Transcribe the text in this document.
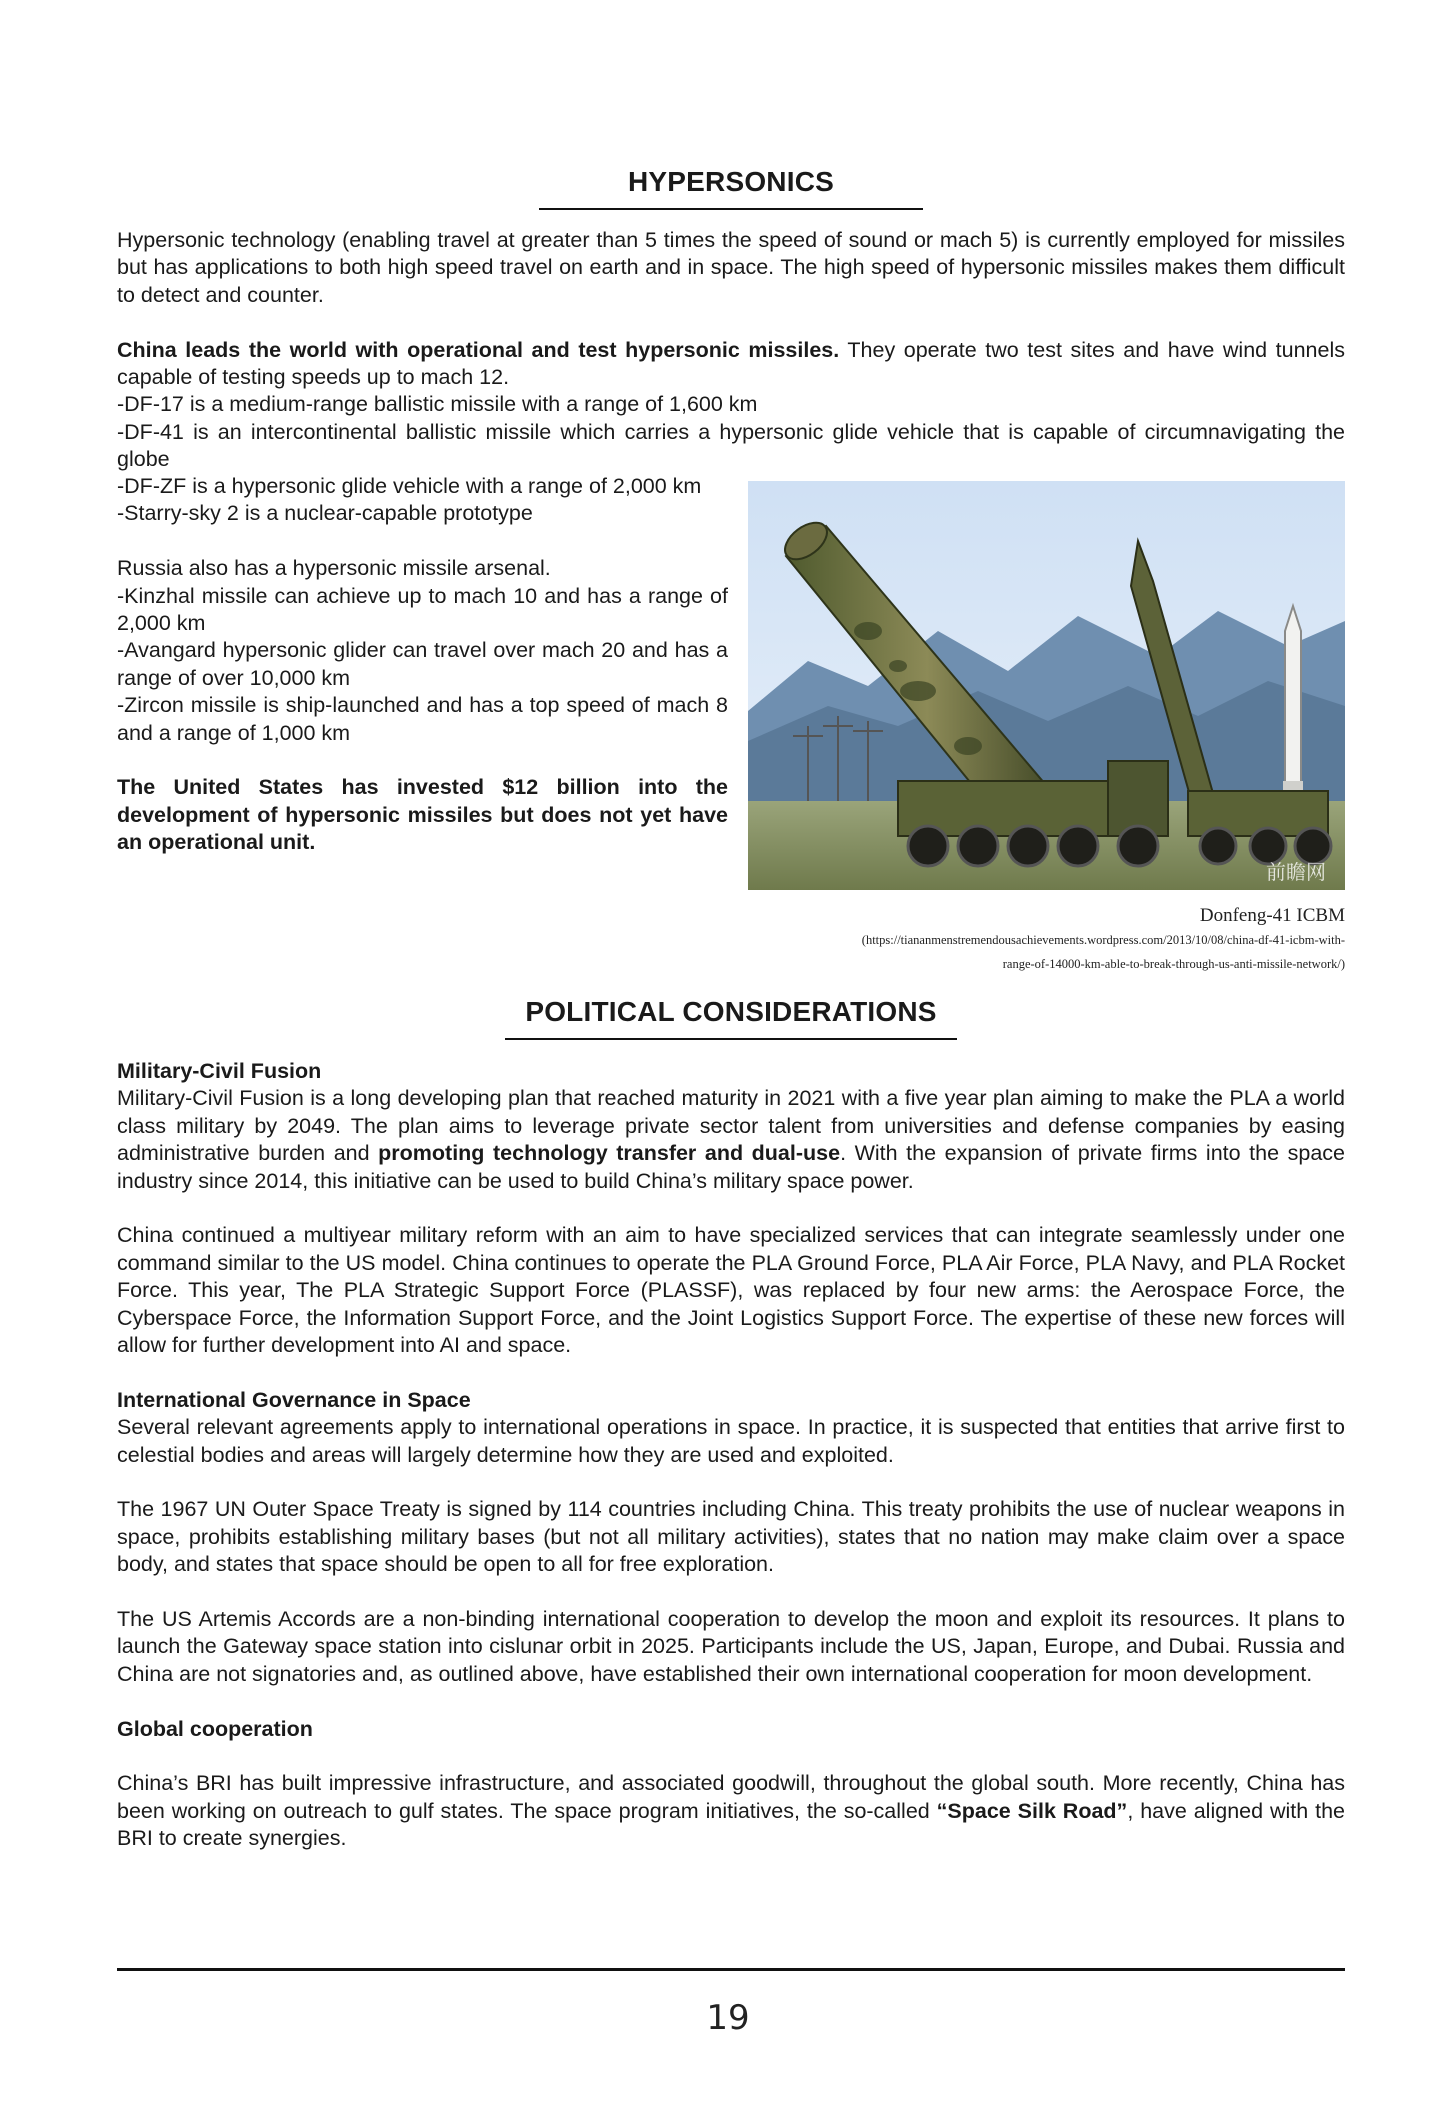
HYPERSONICS

Hypersonic technology (enabling travel at greater than 5 times the speed of sound or mach 5) is currently employed for missiles but has applications to both high speed travel on earth and in space. The high speed of hypersonic missiles makes them difficult to detect and counter.

China leads the world with operational and test hypersonic missiles. They operate two test sites and have wind tunnels capable of testing speeds up to mach 12.

-DF-17 is a medium-range ballistic missile with a range of 1,600 km

-DF-41 is an intercontinental ballistic missile which carries a hypersonic glide vehicle that is capable of circumnavigating the globe

-DF-ZF is a hypersonic glide vehicle with a range of 2,000 km

-Starry-sky 2 is a nuclear-capable prototype

Russia also has a hypersonic missile arsenal.

-Kinzhal missile can achieve up to mach 10 and has a range of 2,000 km

-Avangard hypersonic glider can travel over mach 20 and has a range of over 10,000 km

-Zircon missile is ship-launched and has a top speed of mach 8 and a range of 1,000 km

The United States has invested $12 billion into the development of hypersonic missiles but does not yet have an operational unit.

前瞻网
Donfeng-41 ICBM
(https://tiananmenstremendousachievements.wordpress.com/2013/10/08/china-df-41-icbm-with-
range-of-14000-km-able-to-break-through-us-anti-missile-network/)
POLITICAL CONSIDERATIONS
Military-Civil Fusion

Military-Civil Fusion is a long developing plan that reached maturity in 2021 with a five year plan aiming to make the PLA a world class military by 2049. The plan aims to leverage private sector talent from universities and defense companies by easing administrative burden and promoting technology transfer and dual-use. With the expansion of private firms into the space industry since 2014, this initiative can be used to build China’s military space power.

China continued a multiyear military reform with an aim to have specialized services that can integrate seamlessly under one command similar to the US model. China continues to operate the PLA Ground Force, PLA Air Force, PLA Navy, and PLA Rocket Force. This year, The PLA Strategic Support Force (PLASSF), was replaced by four new arms: the Aerospace Force, the Cyberspace Force, the Information Support Force, and the Joint Logistics Support Force. The expertise of these new forces will allow for further development into AI and space.

International Governance in Space

Several relevant agreements apply to international operations in space. In practice, it is suspected that entities that arrive first to celestial bodies and areas will largely determine how they are used and exploited.

The 1967 UN Outer Space Treaty is signed by 114 countries including China. This treaty prohibits the use of nuclear weapons in space, prohibits establishing military bases (but not all military activities), states that no nation may make claim over a space body, and states that space should be open to all for free exploration.

The US Artemis Accords are a non-binding international cooperation to develop the moon and exploit its resources. It plans to launch the Gateway space station into cislunar orbit in 2025. Participants include the US, Japan, Europe, and Dubai. Russia and China are not signatories and, as outlined above, have established their own international cooperation for moon development.

Global cooperation

China’s BRI has built impressive infrastructure, and associated goodwill, throughout the global south. More recently, China has been working on outreach to gulf states. The space program initiatives, the so-called “Space Silk Road”, have aligned with the BRI to create synergies.

19
